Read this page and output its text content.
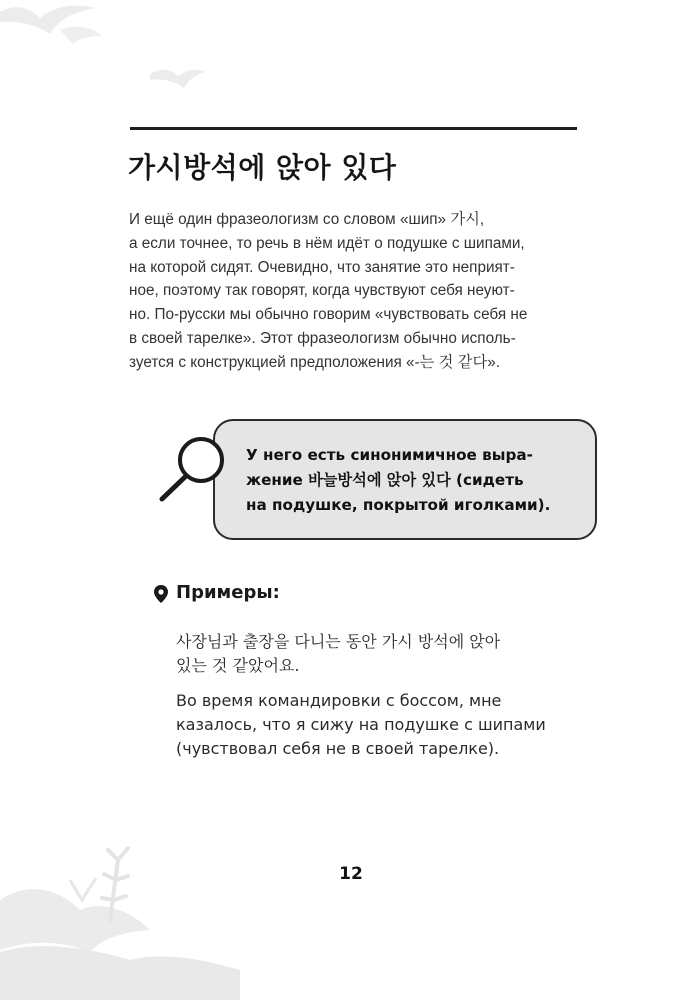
가시방석에 앉아 있다
И ещё один фразеологизм со словом «шип» 가시,
а если точнее, то речь в нём идёт о подушке с шипами,
на которой сидят. Очевидно, что занятие это неприят-
ное, поэтому так говорят, когда чувствуют себя неуют-
но. По-русски мы обычно говорим «чувствовать себя не
в своей тарелке». Этот фразеологизм обычно исполь-
зуется с конструкцией предположения «-는 것 같다».
У него есть синонимичное выра-
жение 바늘방석에 앉아 있다 (сидеть
на подушке, покрытой иголками).
Примеры:
사장님과 출장을 다니는 동안 가시 방석에 앉아
있는 것 같았어요.
Во время командировки с боссом, мне
казалось, что я сижу на подушке с шипами
(чувствовал себя не в своей тарелке).
12
